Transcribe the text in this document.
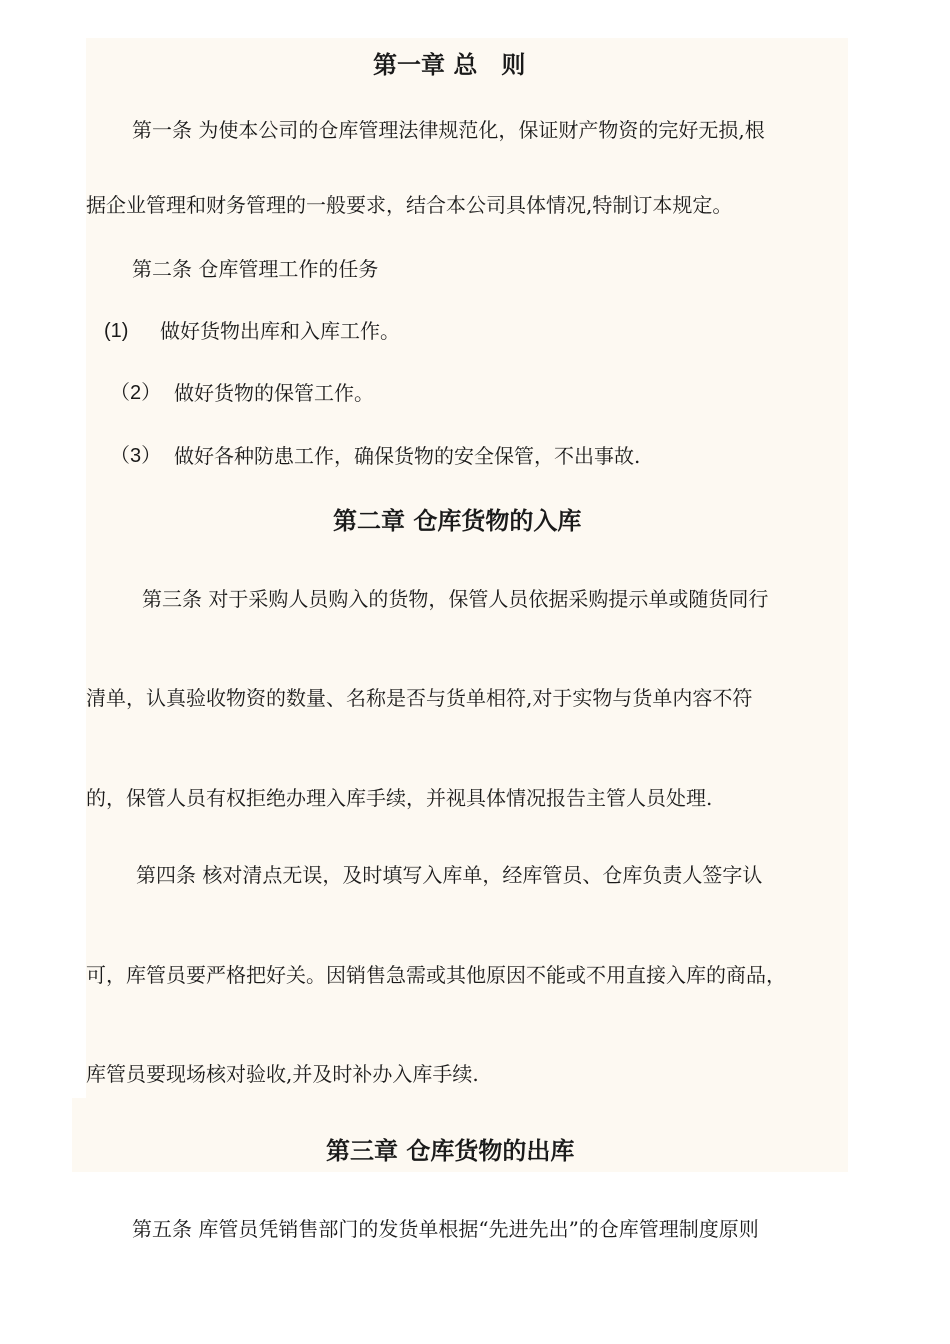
第一章 总　则
第一条 为使本公司的仓库管理法律规范化，保证财产物资的完好无损,根
据企业管理和财务管理的一般要求，结合本公司具体情况,特制订本规定。
第二条 仓库管理工作的任务
(1) 做好货物出库和入库工作。
（2） 做好货物的保管工作。
（3） 做好各种防患工作，确保货物的安全保管，不出事故.
第二章 仓库货物的入库
第三条 对于采购人员购入的货物，保管人员依据采购提示单或随货同行
清单，认真验收物资的数量、名称是否与货单相符,对于实物与货单内容不符
的，保管人员有权拒绝办理入库手续，并视具体情况报告主管人员处理.
第四条 核对清点无误，及时填写入库单，经库管员、仓库负责人签字认
可，库管员要严格把好关。因销售急需或其他原因不能或不用直接入库的商品，
库管员要现场核对验收,并及时补办入库手续.
第三章 仓库货物的出库
第五条 库管员凭销售部门的发货单根据“先进先出”的仓库管理制度原则
